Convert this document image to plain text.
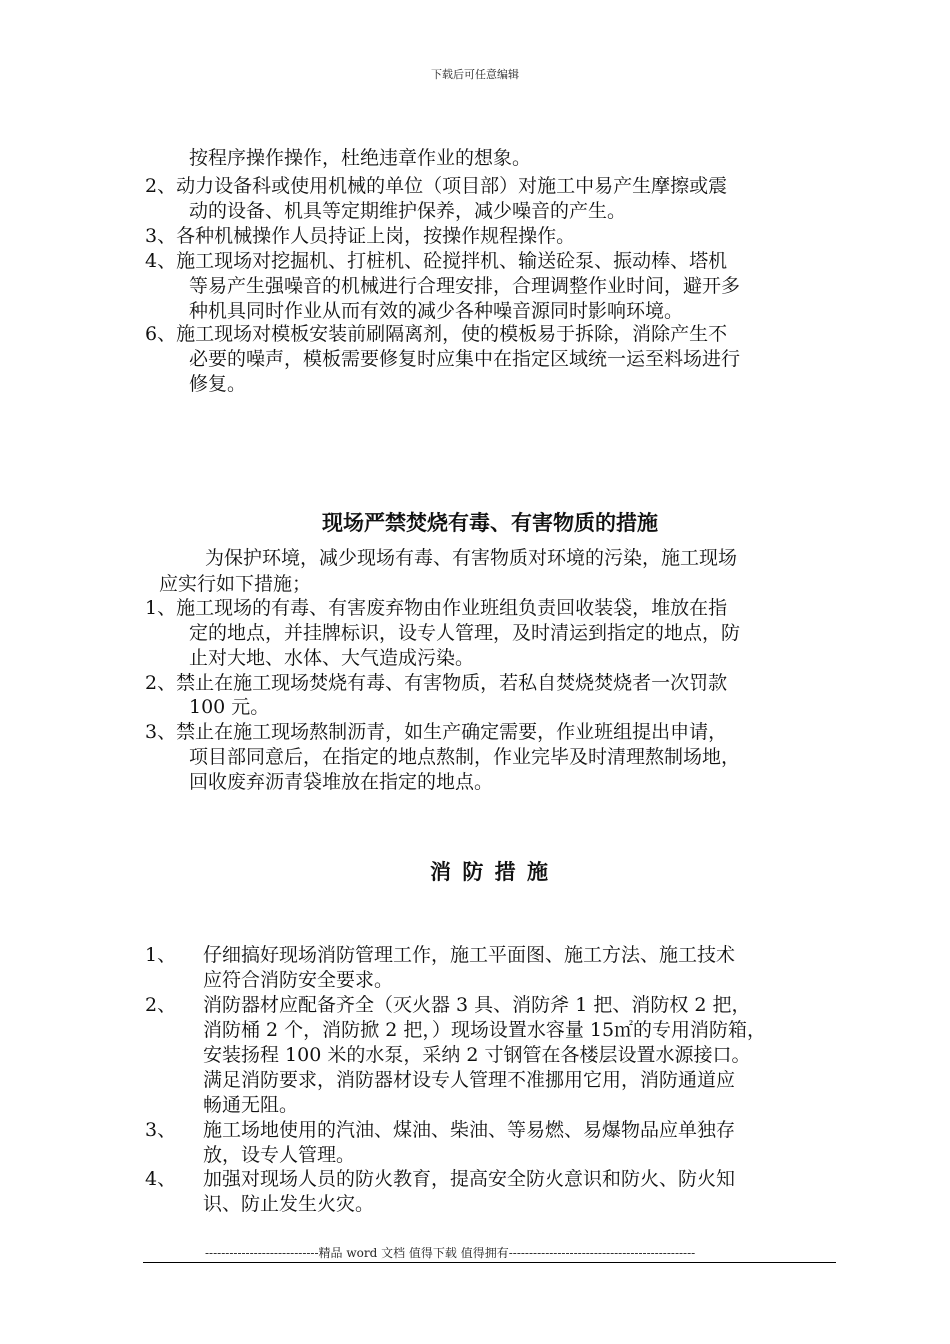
下载后可任意编辑
按程序操作操作，杜绝违章作业的想象。
2、动力设备科或使用机械的单位（项目部）对施工中易产生摩擦或震
动的设备、机具等定期维护保养，减少噪音的产生。
3、各种机械操作人员持证上岗，按操作规程操作。
4、施工现场对挖掘机、打桩机、砼搅拌机、输送砼泵、振动棒、塔机
等易产生强噪音的机械进行合理安排，合理调整作业时间，避开多
种机具同时作业从而有效的减少各种噪音源同时影响环境。
6、施工现场对模板安装前刷隔离剂，使的模板易于拆除，消除产生不
必要的噪声，模板需要修复时应集中在指定区域统一运至料场进行
修复。
现场严禁焚烧有毒、有害物质的措施
为保护环境，减少现场有毒、有害物质对环境的污染，施工现场
应实行如下措施；
1、施工现场的有毒、有害废弃物由作业班组负责回收装袋，堆放在指
定的地点，并挂牌标识，设专人管理，及时清运到指定的地点，防
止对大地、水体、大气造成污染。
2、禁止在施工现场焚烧有毒、有害物质，若私自焚烧焚烧者一次罚款
100 元。
3、禁止在施工现场熬制沥青，如生产确定需要，作业班组提出申请，
项目部同意后，在指定的地点熬制，作业完毕及时清理熬制场地，
回收废弃沥青袋堆放在指定的地点。
消 防 措 施
1、 仔细搞好现场消防管理工作，施工平面图、施工方法、施工技术
应符合消防安全要求。
2、 消防器材应配备齐全（灭火器 3 具、消防斧 1 把、消防权 2 把，
消防桶 2 个，消防掀 2 把，）现场设置水容量 15㎡的专用消防箱，
安装扬程 100 米的水泵，采纳 2 寸钢管在各楼层设置水源接口。
满足消防要求，消防器材设专人管理不准挪用它用，消防通道应
畅通无阻。
3、 施工场地使用的汽油、煤油、柴油、等易燃、易爆物品应单独存
放，设专人管理。
4、 加强对现场人员的防火教育，提高安全防火意识和防火、防火知
识、防止发生火灾。
----------------------------精品 word 文档 值得下载 值得拥有----------------------------------------------
